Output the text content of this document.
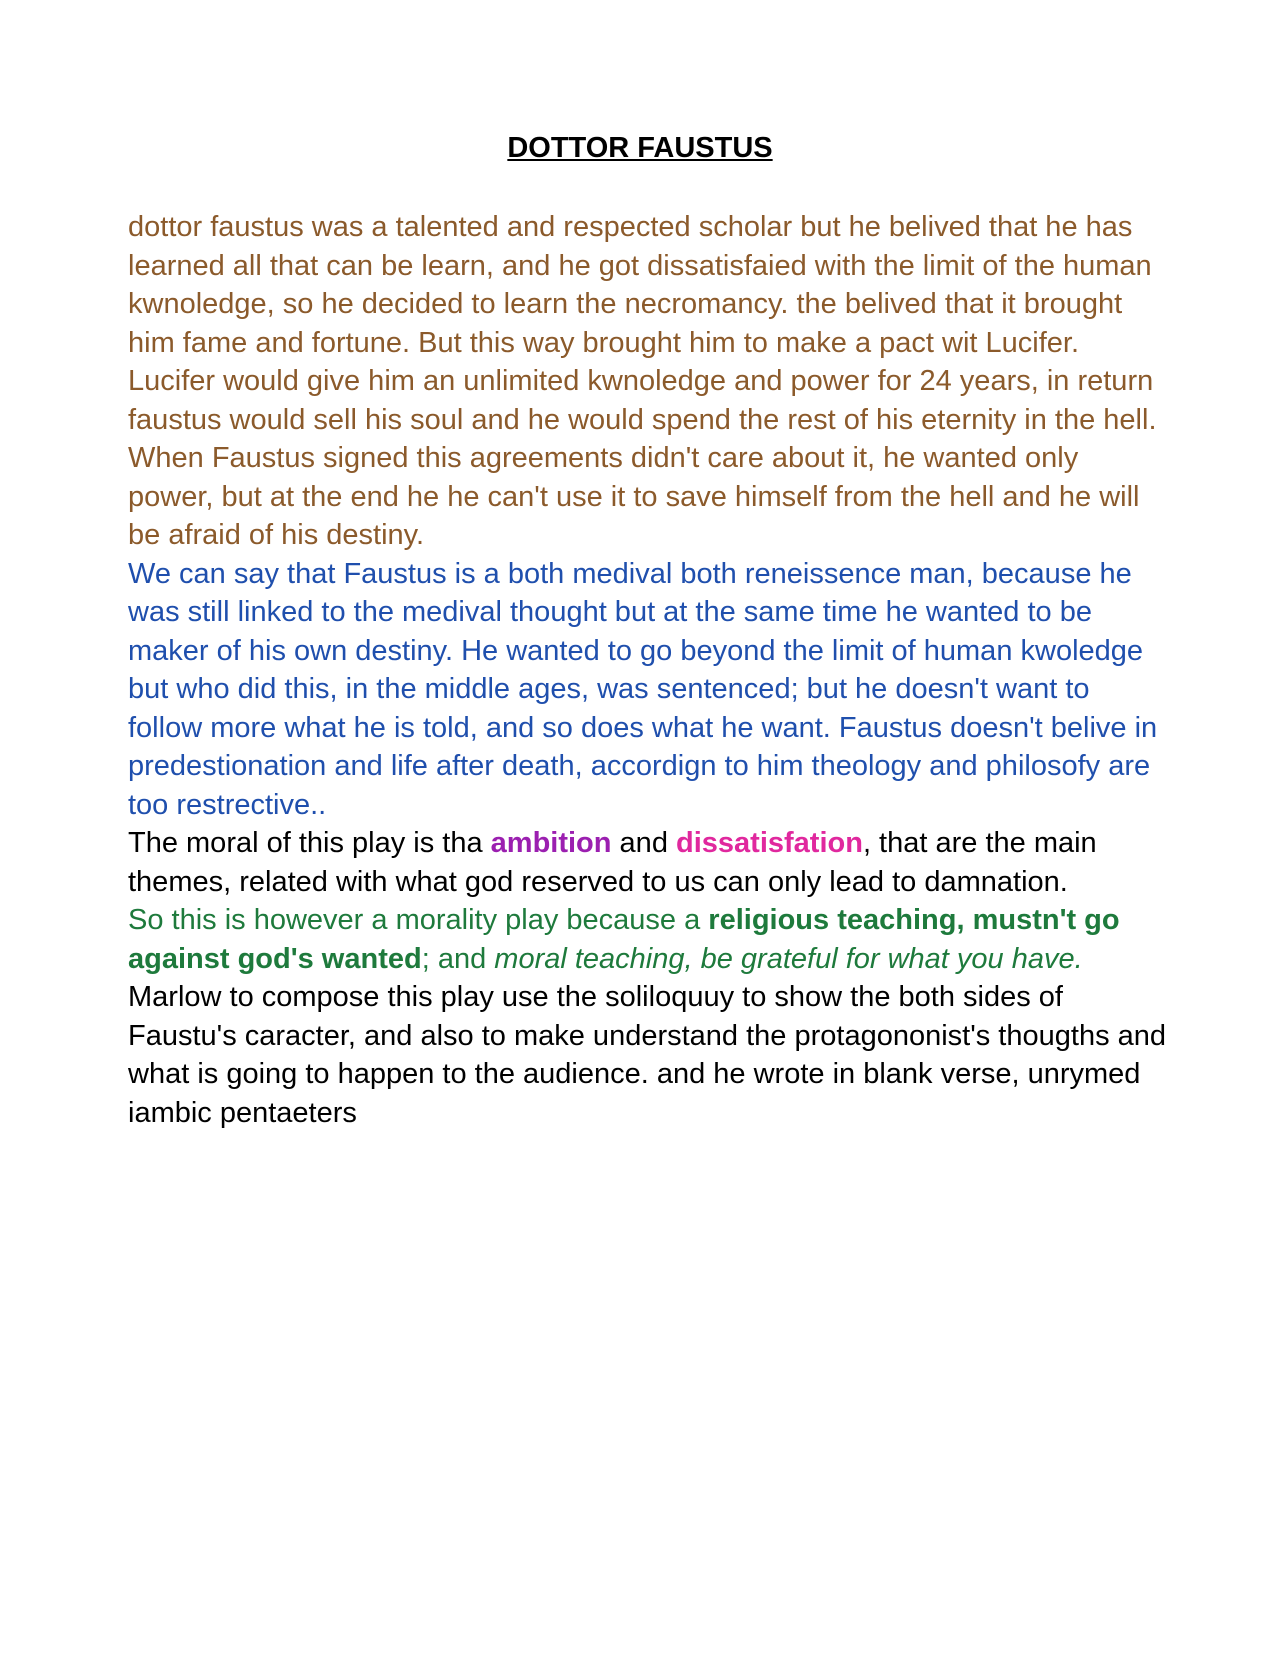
DOTTOR FAUSTUS

dottor faustus was a talented and respected scholar but he belived that he has learned all that can be learn, and he got dissatisfaied with the limit of the human kwnoledge, so he decided to learn the necromancy. the belived that it brought him fame and fortune. But this way brought him to make a pact wit Lucifer. Lucifer would give him an unlimited kwnoledge and power for 24 years, in return faustus would sell his soul and he would spend the rest of his eternity in the hell. When Faustus signed this agreements didn't care about it, he wanted only power, but at the end he he can't use it to save himself from the hell and he will be afraid of his destiny.

We can say that Faustus is a both medival both reneissence man, because he was still linked to the medival thought but at the same time he wanted to be maker of his own destiny. He wanted to go beyond the limit of human kwoledge but who did this, in the middle ages, was sentenced; but he doesn't want to follow more what he is told, and so does what he want. Faustus doesn't belive in predestionation and life after death, accordign to him theology and philosofy are too restrective..

The moral of this play is tha ambition and dissatisfation, that are the main themes, related with what god reserved to us can only lead to damnation.

So this is however a morality play because a religious teaching, mustn't go against god's wanted; and moral teaching, be grateful for what you have.

Marlow to compose this play use the soliloquuy to show the both sides of Faustu's caracter, and also to make understand the protagononist's thougths and what is going to happen to the audience. and he wrote in blank verse, unrymed iambic pentaeters
